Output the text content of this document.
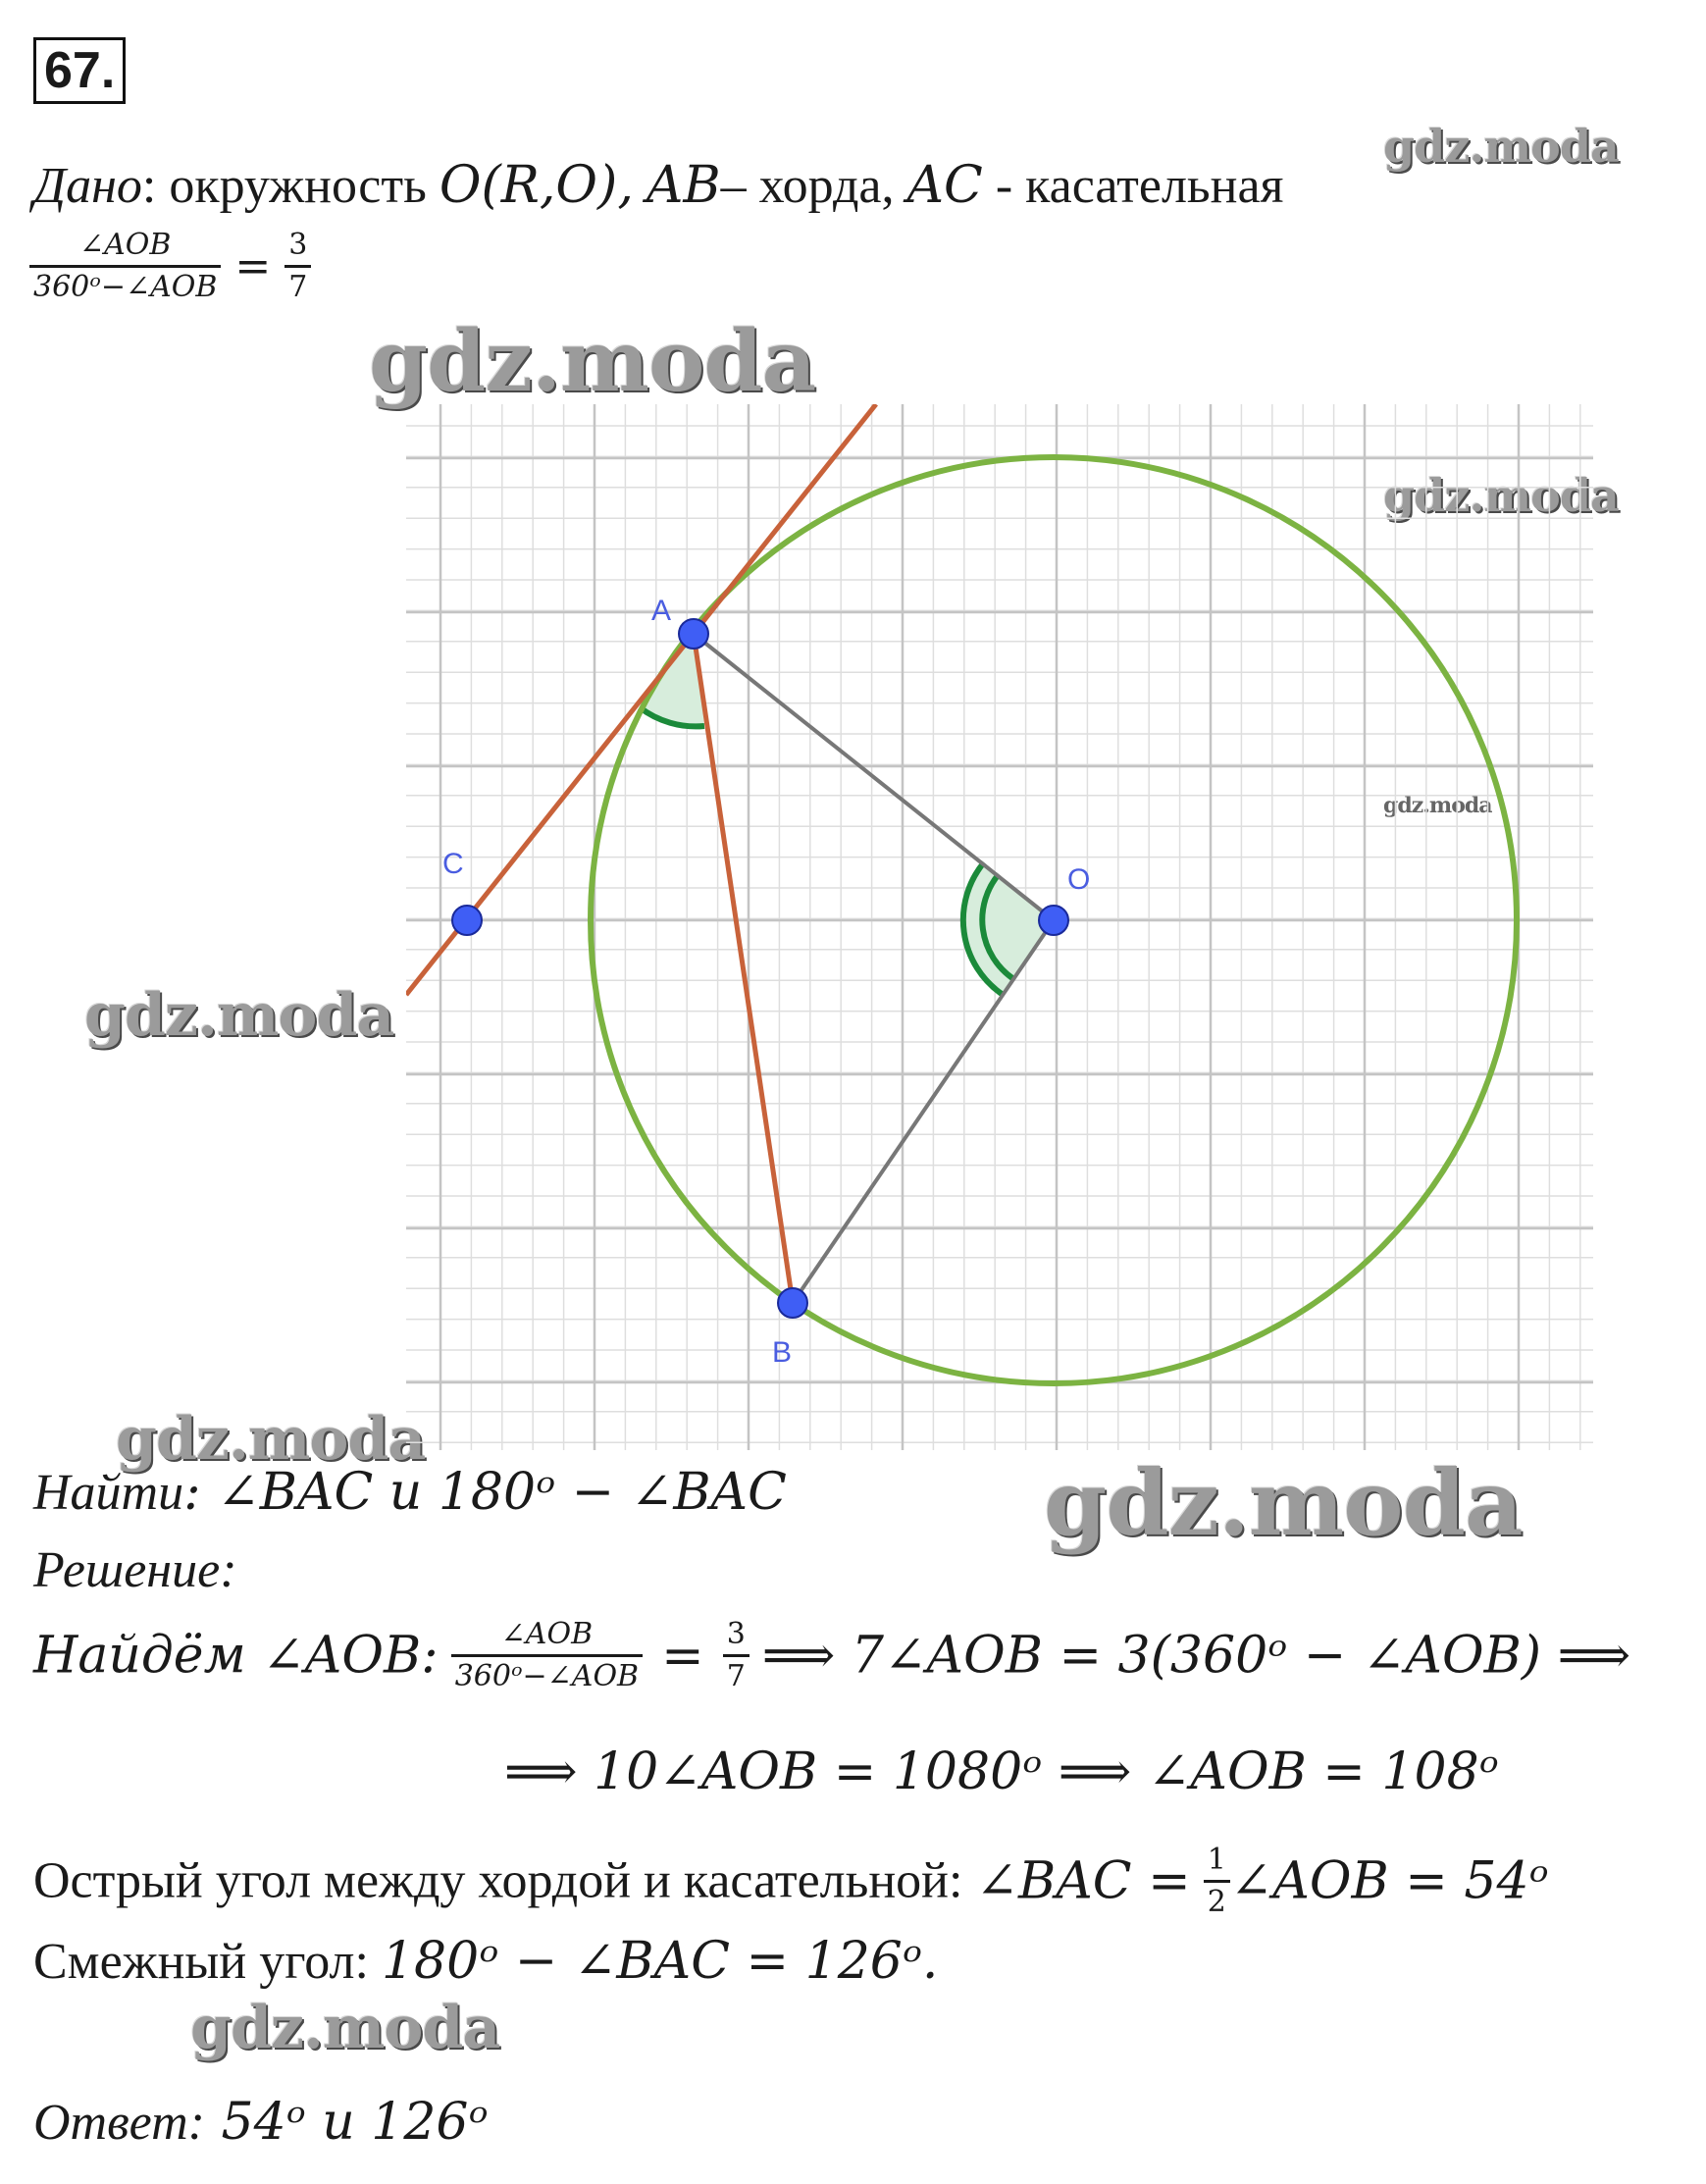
67.
gdz.moda
gdz.moda
gdz.moda
gdz.moda
gdz.moda
gdz.moda
gdz.moda
gdz.moda
Дано: окружность O(R,O), AB– хорда, AC - касательная
$\frac{\text{∠AOB}}{\text{360ᵒ−∠AOB}} = \frac{3}{7}$
A
B
C	O
Найти: ∠BAC и 180ᵒ − ∠BAC
Решение:
Найдём ∠AOB: $\frac{\text{∠AOB}}{\text{360ᵒ−∠AOB}} = \frac{3}{7}$ ⟹ 7∠AOB = 3(360ᵒ − ∠AOB) ⟹
⟹ 10∠AOB = 1080ᵒ ⟹ ∠AOB = 108ᵒ
Острый угол между хордой и касательной: ∠BAC = $\frac{1}{2}$ ∠AOB = 54ᵒ
Смежный угол: 180ᵒ − ∠BAC = 126ᵒ.
Ответ: 54ᵒ и 126ᵒ
